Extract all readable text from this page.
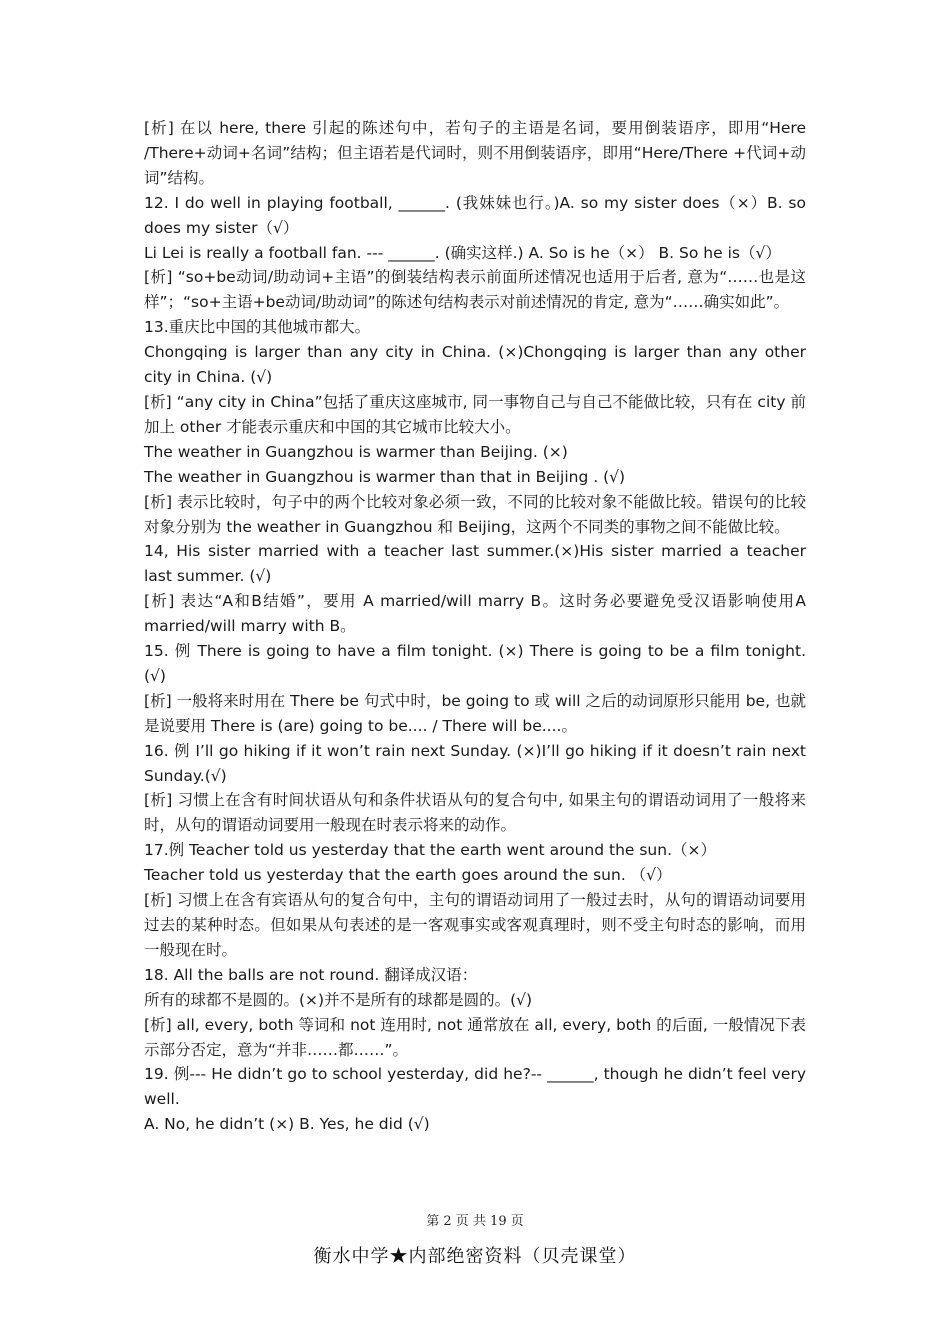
[析] 在以 here, there 引起的陈述句中，若句子的主语是名词，要用倒装语序，即用“Here /There+动词+名词”结构；但主语若是代词时，则不用倒装语序，即用“Here/There +代词+动词”结构。

12. I do well in playing football, ______. (我妹妹也行。)A. so my sister does（×）B. so does my sister（√）

Li Lei is really a football fan. --- ______. (确实这样.) A. So is he（×） B. So he is（√）

[析] “so+be动词/助动词+主语”的倒装结构表示前面所述情况也适用于后者, 意为“……也是这样”；“so+主语+be动词/助动词”的陈述句结构表示对前述情况的肯定, 意为“……确实如此”。

13.重庆比中国的其他城市都大。

Chongqing is larger than any city in China. (×)Chongqing is larger than any other city in China. (√)

[析] “any city in China”包括了重庆这座城市, 同一事物自己与自己不能做比较，只有在 city 前加上 other 才能表示重庆和中国的其它城市比较大小。

The weather in Guangzhou is warmer than Beijing. (×)

The weather in Guangzhou is warmer than that in Beijing . (√)

[析] 表示比较时，句子中的两个比较对象必须一致，不同的比较对象不能做比较。错误句的比较对象分别为 the weather in Guangzhou 和 Beijing，这两个不同类的事物之间不能做比较。

14, His sister married with a teacher last summer.(×)His sister married a teacher last summer. (√)

[析] 表达“A和B结婚”，要用 A married/will marry B。这时务必要避免受汉语影响使用A married/will marry with B。

15. 例 There is going to have a film tonight. (×) There is going to be a film tonight. (√)

[析] 一般将来时用在 There be 句式中时，be going to 或 will 之后的动词原形只能用 be, 也就是说要用 There is (are) going to be.... / There will be....。

16. 例 I’ll go hiking if it won’t rain next Sunday. (×)I’ll go hiking if it doesn’t rain next Sunday.(√)

[析] 习惯上在含有时间状语从句和条件状语从句的复合句中, 如果主句的谓语动词用了一般将来时，从句的谓语动词要用一般现在时表示将来的动作。

17.例 Teacher told us yesterday that the earth went around the sun.（×）

Teacher told us yesterday that the earth goes around the sun. （√）

[析] 习惯上在含有宾语从句的复合句中，主句的谓语动词用了一般过去时，从句的谓语动词要用过去的某种时态。但如果从句表述的是一客观事实或客观真理时，则不受主句时态的影响，而用一般现在时。

18. All the balls are not round. 翻译成汉语：

所有的球都不是圆的。(×)并不是所有的球都是圆的。(√)

[析] all, every, both 等词和 not 连用时, not 通常放在 all, every, both 的后面, 一般情况下表示部分否定，意为“并非……都……”。

19. 例--- He didn’t go to school yesterday, did he?-- ______, though he didn’t feel very well.

A. No, he didn’t (×) B. Yes, he did (√)

第 2 页 共 19 页
衡水中学★内部绝密资料（贝壳课堂）
